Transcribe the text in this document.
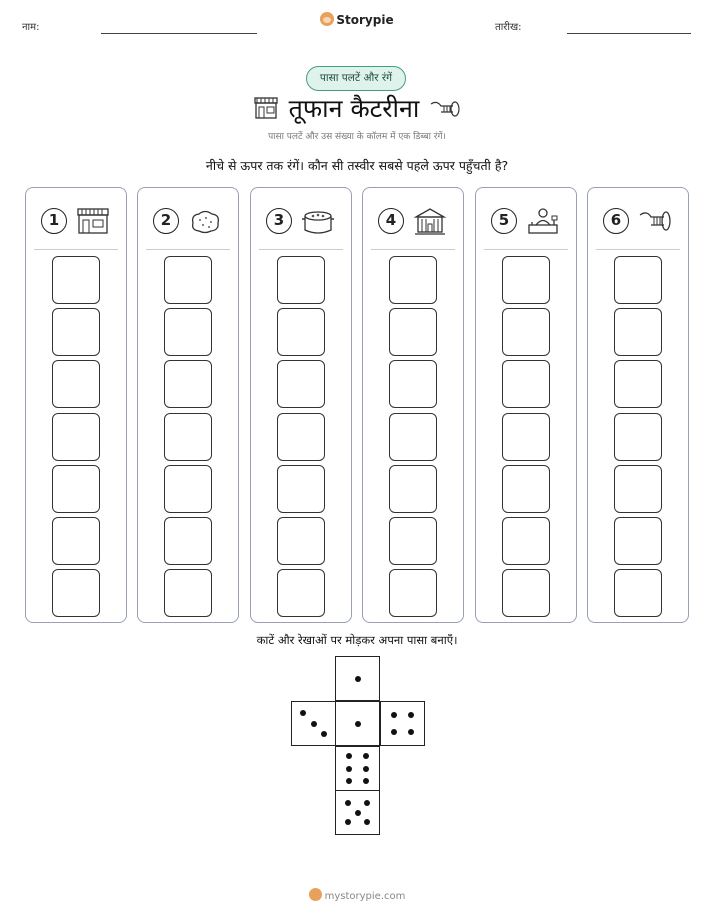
नाम:
Storypie
तारीख:
पासा पलटें और रंगें
तूफान कैटरीना
पासा पलटें और उस संख्या के कॉलम में एक डिब्बा रंगें।
नीचे से ऊपर तक रंगें। कौन सी तस्वीर सबसे पहले ऊपर पहुँचती है?
1	2	3	4	5	6
काटें और रेखाओं पर मोड़कर अपना पासा बनाएँ।
mystorypie.com
